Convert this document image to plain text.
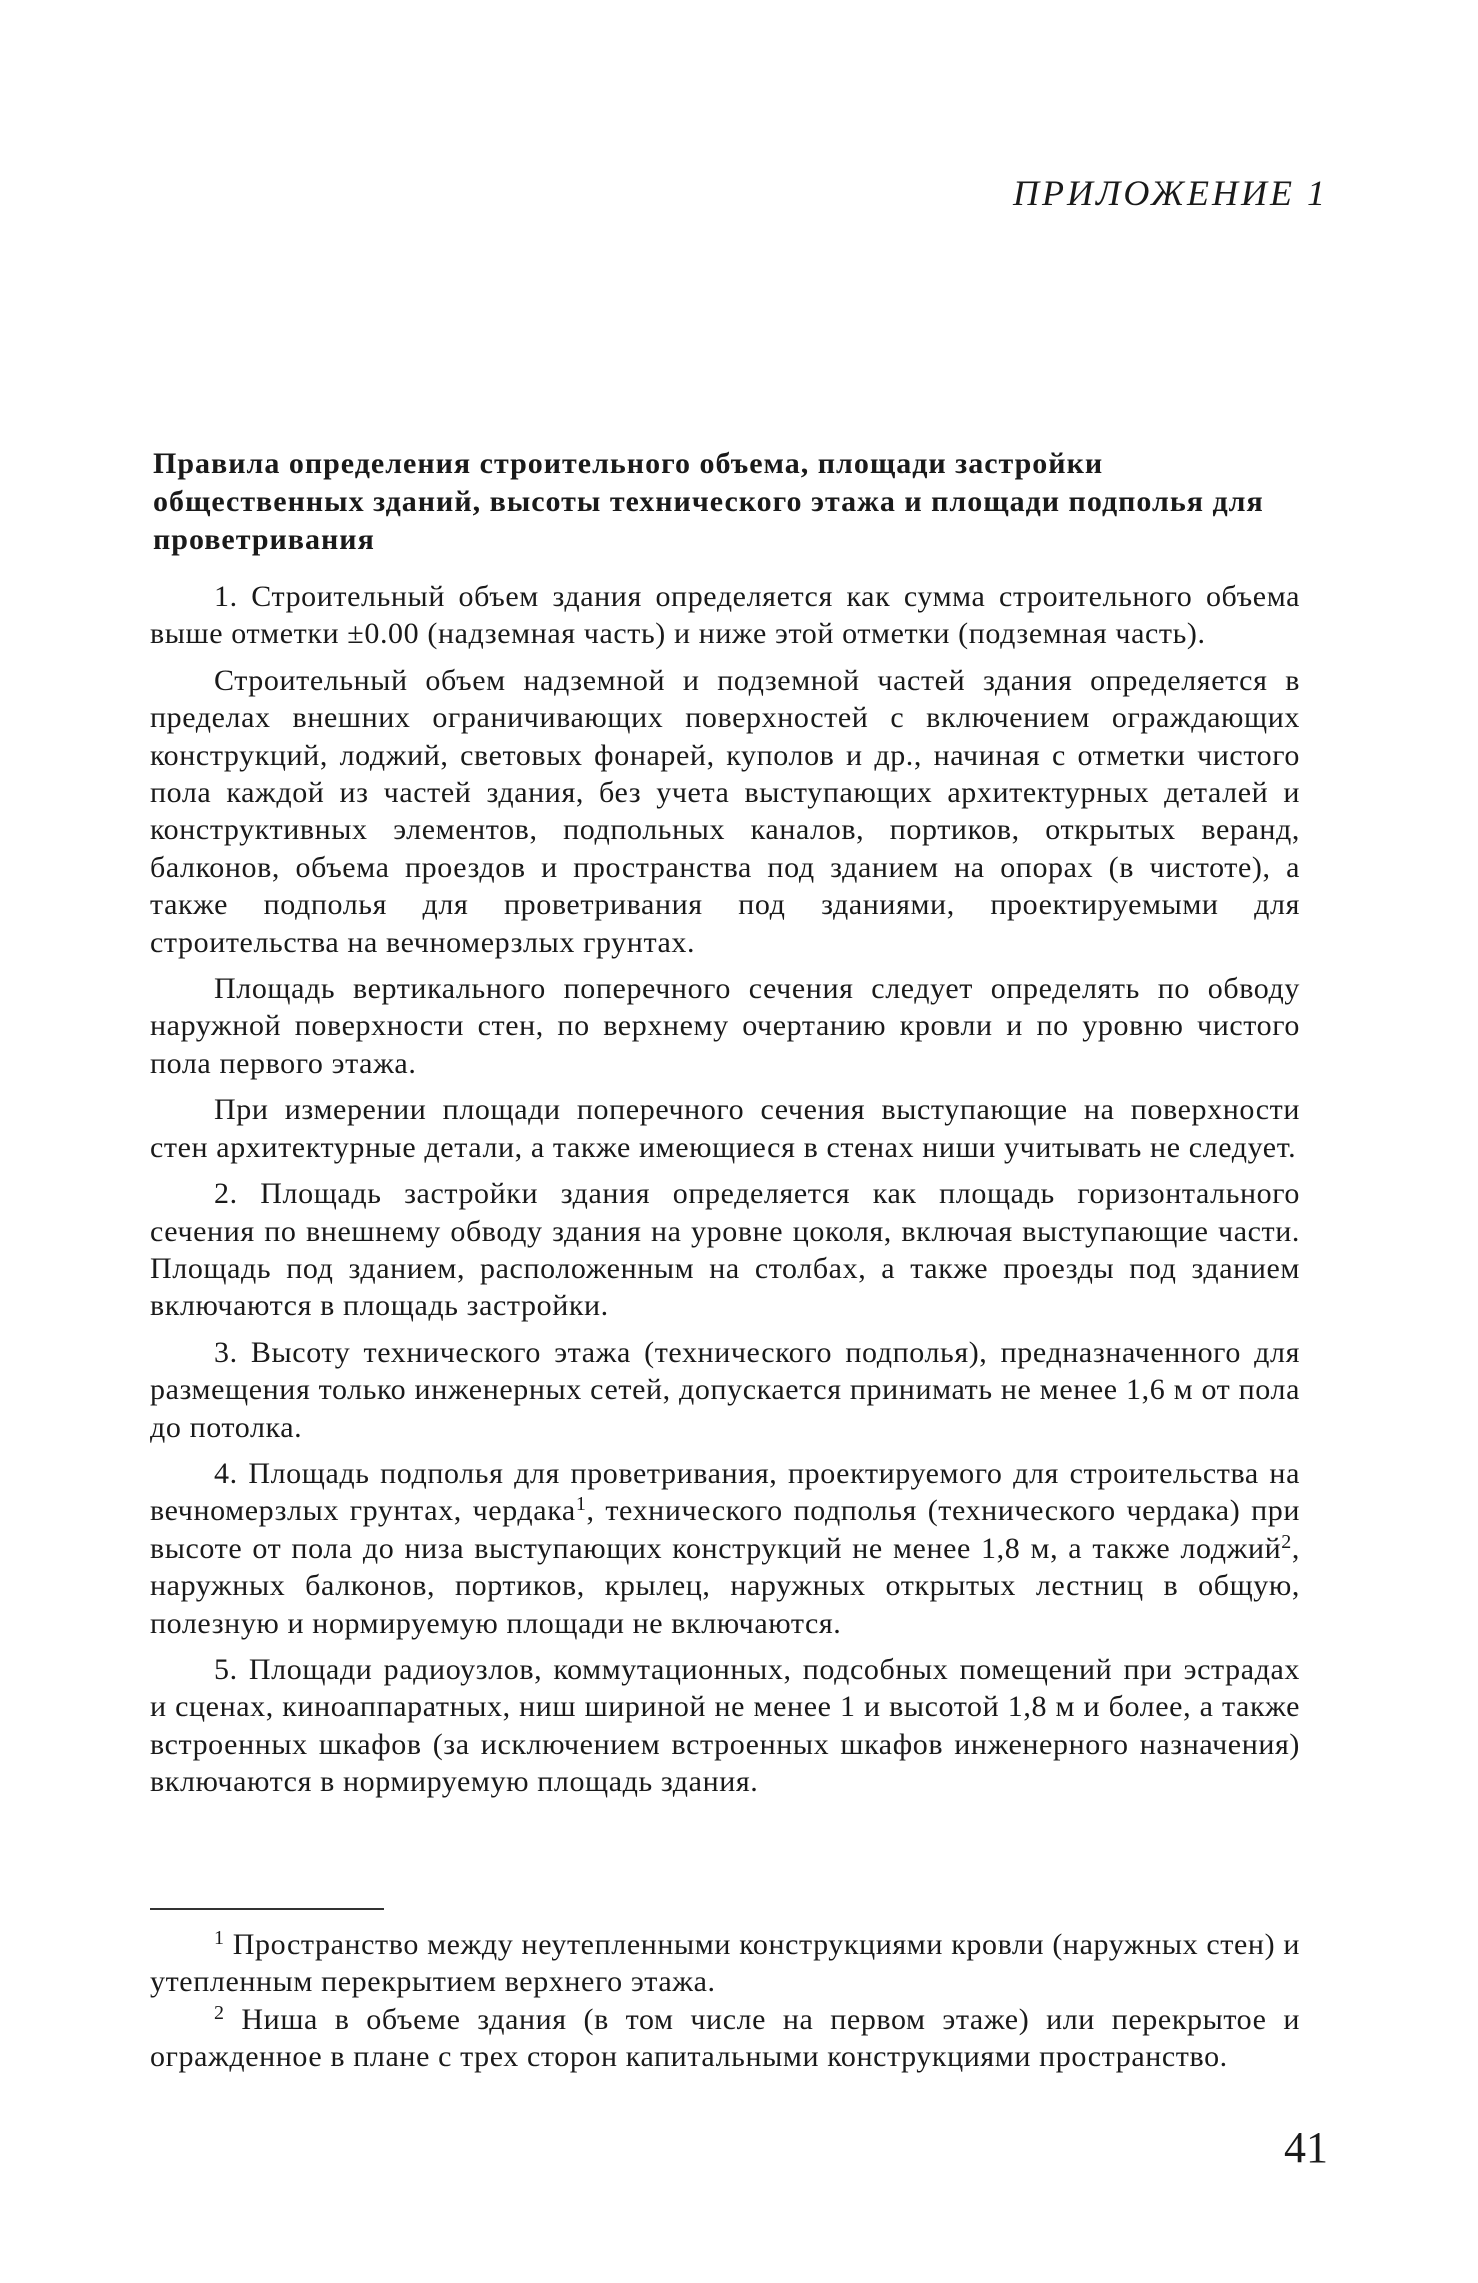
ПРИЛОЖЕНИЕ 1
Правила определения строительного объема, площади застройки общественных зданий, высоты технического этажа и площади подполья для проветривания

1. Строительный объем здания определяется как сумма строительного объема выше отметки ±0.00 (надземная часть) и ниже этой отметки (подземная часть).

Строительный объем надземной и подземной частей здания определяется в пределах внешних ограничивающих поверхностей с включением ограждающих конструкций, лоджий, световых фонарей, куполов и др., начиная с отметки чистого пола каждой из частей здания, без учета выступающих архитектурных деталей и конструктивных элементов, подпольных каналов, портиков, открытых веранд, балконов, объема проездов и пространства под зданием на опорах (в чистоте), а также подполья для проветривания под зданиями, проектируемыми для строительства на вечномерзлых грунтах.

Площадь вертикального поперечного сечения следует определять по обводу наружной поверхности стен, по верхнему очертанию кровли и по уровню чистого пола первого этажа.

При измерении площади поперечного сечения выступающие на поверхности стен архитектурные детали, а также имеющиеся в стенах ниши учитывать не следует.

2. Площадь застройки здания определяется как площадь горизонтального сечения по внешнему обводу здания на уровне цоколя, включая выступающие части. Площадь под зданием, расположенным на столбах, а также проезды под зданием включаются в площадь застройки.

3. Высоту технического этажа (технического подполья), предназначенного для размещения только инженерных сетей, допускается принимать не менее 1,6 м от пола до потолка.

4. Площадь подполья для проветривания, проектируемого для строительства на вечномерзлых грунтах, чердака$^1$, технического подполья (технического чердака) при высоте от пола до низа выступающих конструкций не менее 1,8 м, а также лоджий$^2$, наружных балконов, портиков, крылец, наружных открытых лестниц в общую, полезную и нормируемую площади не включаются.

5. Площади радиоузлов, коммутационных, подсобных помещений при эстрадах и сценах, киноаппаратных, ниш шириной не менее 1 и высотой 1,8 м и более, а также встроенных шкафов (за исключением встроенных шкафов инженерного назначения) включаются в нормируемую площадь здания.

$^1$ Пространство между неутепленными конструкциями кровли (наружных стен) и утепленным перекрытием верхнего этажа.

$^2$ Ниша в объеме здания (в том числе на первом этаже) или перекрытое и огражденное в плане с трех сторон капитальными конструкциями пространство.

41
